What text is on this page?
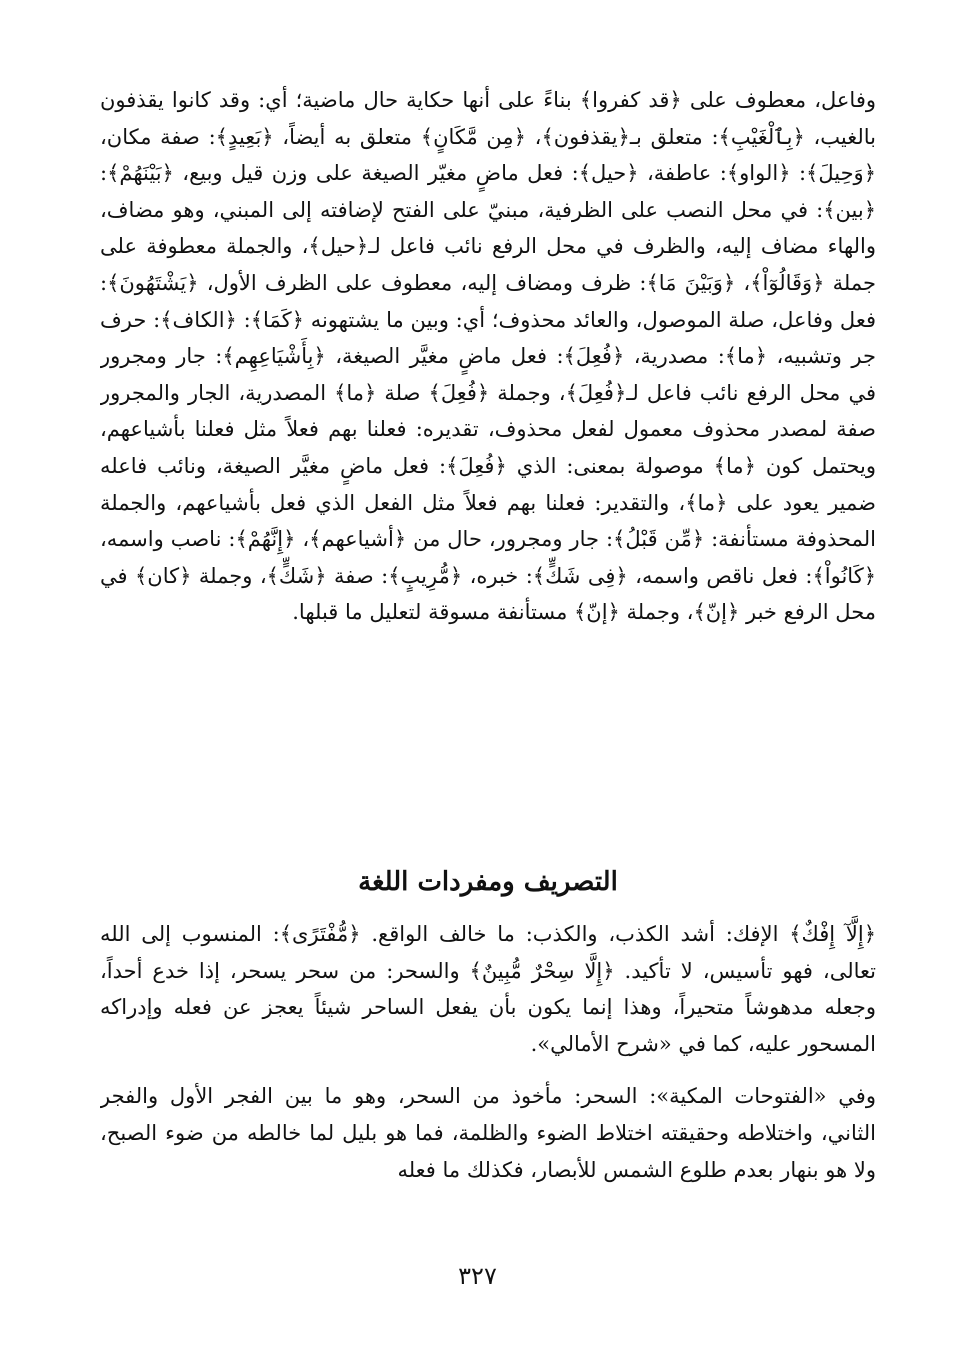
وفاعل، معطوف على ﴿قد كفروا﴾ بناءً على أنها حكاية حال ماضية؛ أي: وقد كانوا يقذفون بالغيب، ﴿بِٱلْغَيْبِ﴾: متعلق بـ﴿يقذفون﴾، ﴿مِن مَّكَانٍ﴾ متعلق به أيضاً، ﴿بَعِيدٍ﴾: صفة مكان، ﴿وَحِيلَ﴾: ﴿الواو﴾: عاطفة، ﴿حيل﴾: فعل ماضٍ مغيّر الصيغة على وزن قيل وبيع، ﴿بَيْنَهُمْ﴾: ﴿بين﴾: في محل النصب على الظرفية، مبنيّ على الفتح لإضافته إلى المبني، وهو مضاف، والهاء مضاف إليه، والظرف في محل الرفع نائب فاعل لـ﴿حيل﴾، والجملة معطوفة على جملة ﴿وَقَالُوٓاْ﴾، ﴿وَبَيْنَ مَا﴾: ظرف ومضاف إليه، معطوف على الظرف الأول، ﴿يَشْتَهُونَ﴾: فعل وفاعل، صلة الموصول، والعائد محذوف؛ أي: وبين ما يشتهونه ﴿كَمَا﴾: ﴿الكاف﴾: حرف جر وتشبيه، ﴿ما﴾: مصدرية، ﴿فُعِلَ﴾: فعل ماضٍ مغيَّر الصيغة، ﴿بِأَشْيَاعِهِم﴾: جار ومجرور في محل الرفع نائب فاعل لـ﴿فُعِلَ﴾، وجملة ﴿فُعِلَ﴾ صلة ﴿ما﴾ المصدرية، الجار والمجرور صفة لمصدر محذوف معمول لفعل محذوف، تقديره: فعلنا بهم فعلاً مثل فعلنا بأشياعهم، ويحتمل كون ﴿ما﴾ موصولة بمعنى: الذي ﴿فُعِلَ﴾: فعل ماضٍ مغيَّر الصيغة، ونائب فاعله ضمير يعود على ﴿ما﴾، والتقدير: فعلنا بهم فعلاً مثل الفعل الذي فعل بأشياعهم، والجملة المحذوفة مستأنفة: ﴿مِّن قَبْلُ﴾: جار ومجرور، حال من ﴿أشياعهم﴾، ﴿إِنَّهُمْ﴾: ناصب واسمه، ﴿كَانُواْ﴾: فعل ناقص واسمه، ﴿فِى شَكٍّ﴾: خبره، ﴿مُّرِيبٍ﴾: صفة ﴿شَكٍّ﴾، وجملة ﴿كان﴾ في محل الرفع خبر ﴿إنّ﴾، وجملة ﴿إنّ﴾ مستأنفة مسوقة لتعليل ما قبلها.

التصريف ومفردات اللغة

﴿إِلَّآ إِفْكٌ﴾ الإفك: أشد الكذب، والكذب: ما خالف الواقع. ﴿مُّفْتَرًى﴾: المنسوب إلى الله تعالى، فهو تأسيس، لا تأكيد. ﴿إِلَّا سِحْرٌ مُّبِينٌ﴾ والسحر: من سحر يسحر، إذا خدع أحداً، وجعله مدهوشاً متحيراً، وهذا إنما يكون بأن يفعل الساحر شيئاً يعجز عن فعله وإدراكه المسحور عليه، كما في «شرح الأمالي».

وفي «الفتوحات المكية»: السحر: مأخوذ من السحر، وهو ما بين الفجر الأول والفجر الثاني، واختلاطه وحقيقته اختلاط الضوء والظلمة، فما هو بليل لما خالطه من ضوء الصبح، ولا هو بنهار بعدم طلوع الشمس للأبصار، فكذلك ما فعله

٣٢٧
